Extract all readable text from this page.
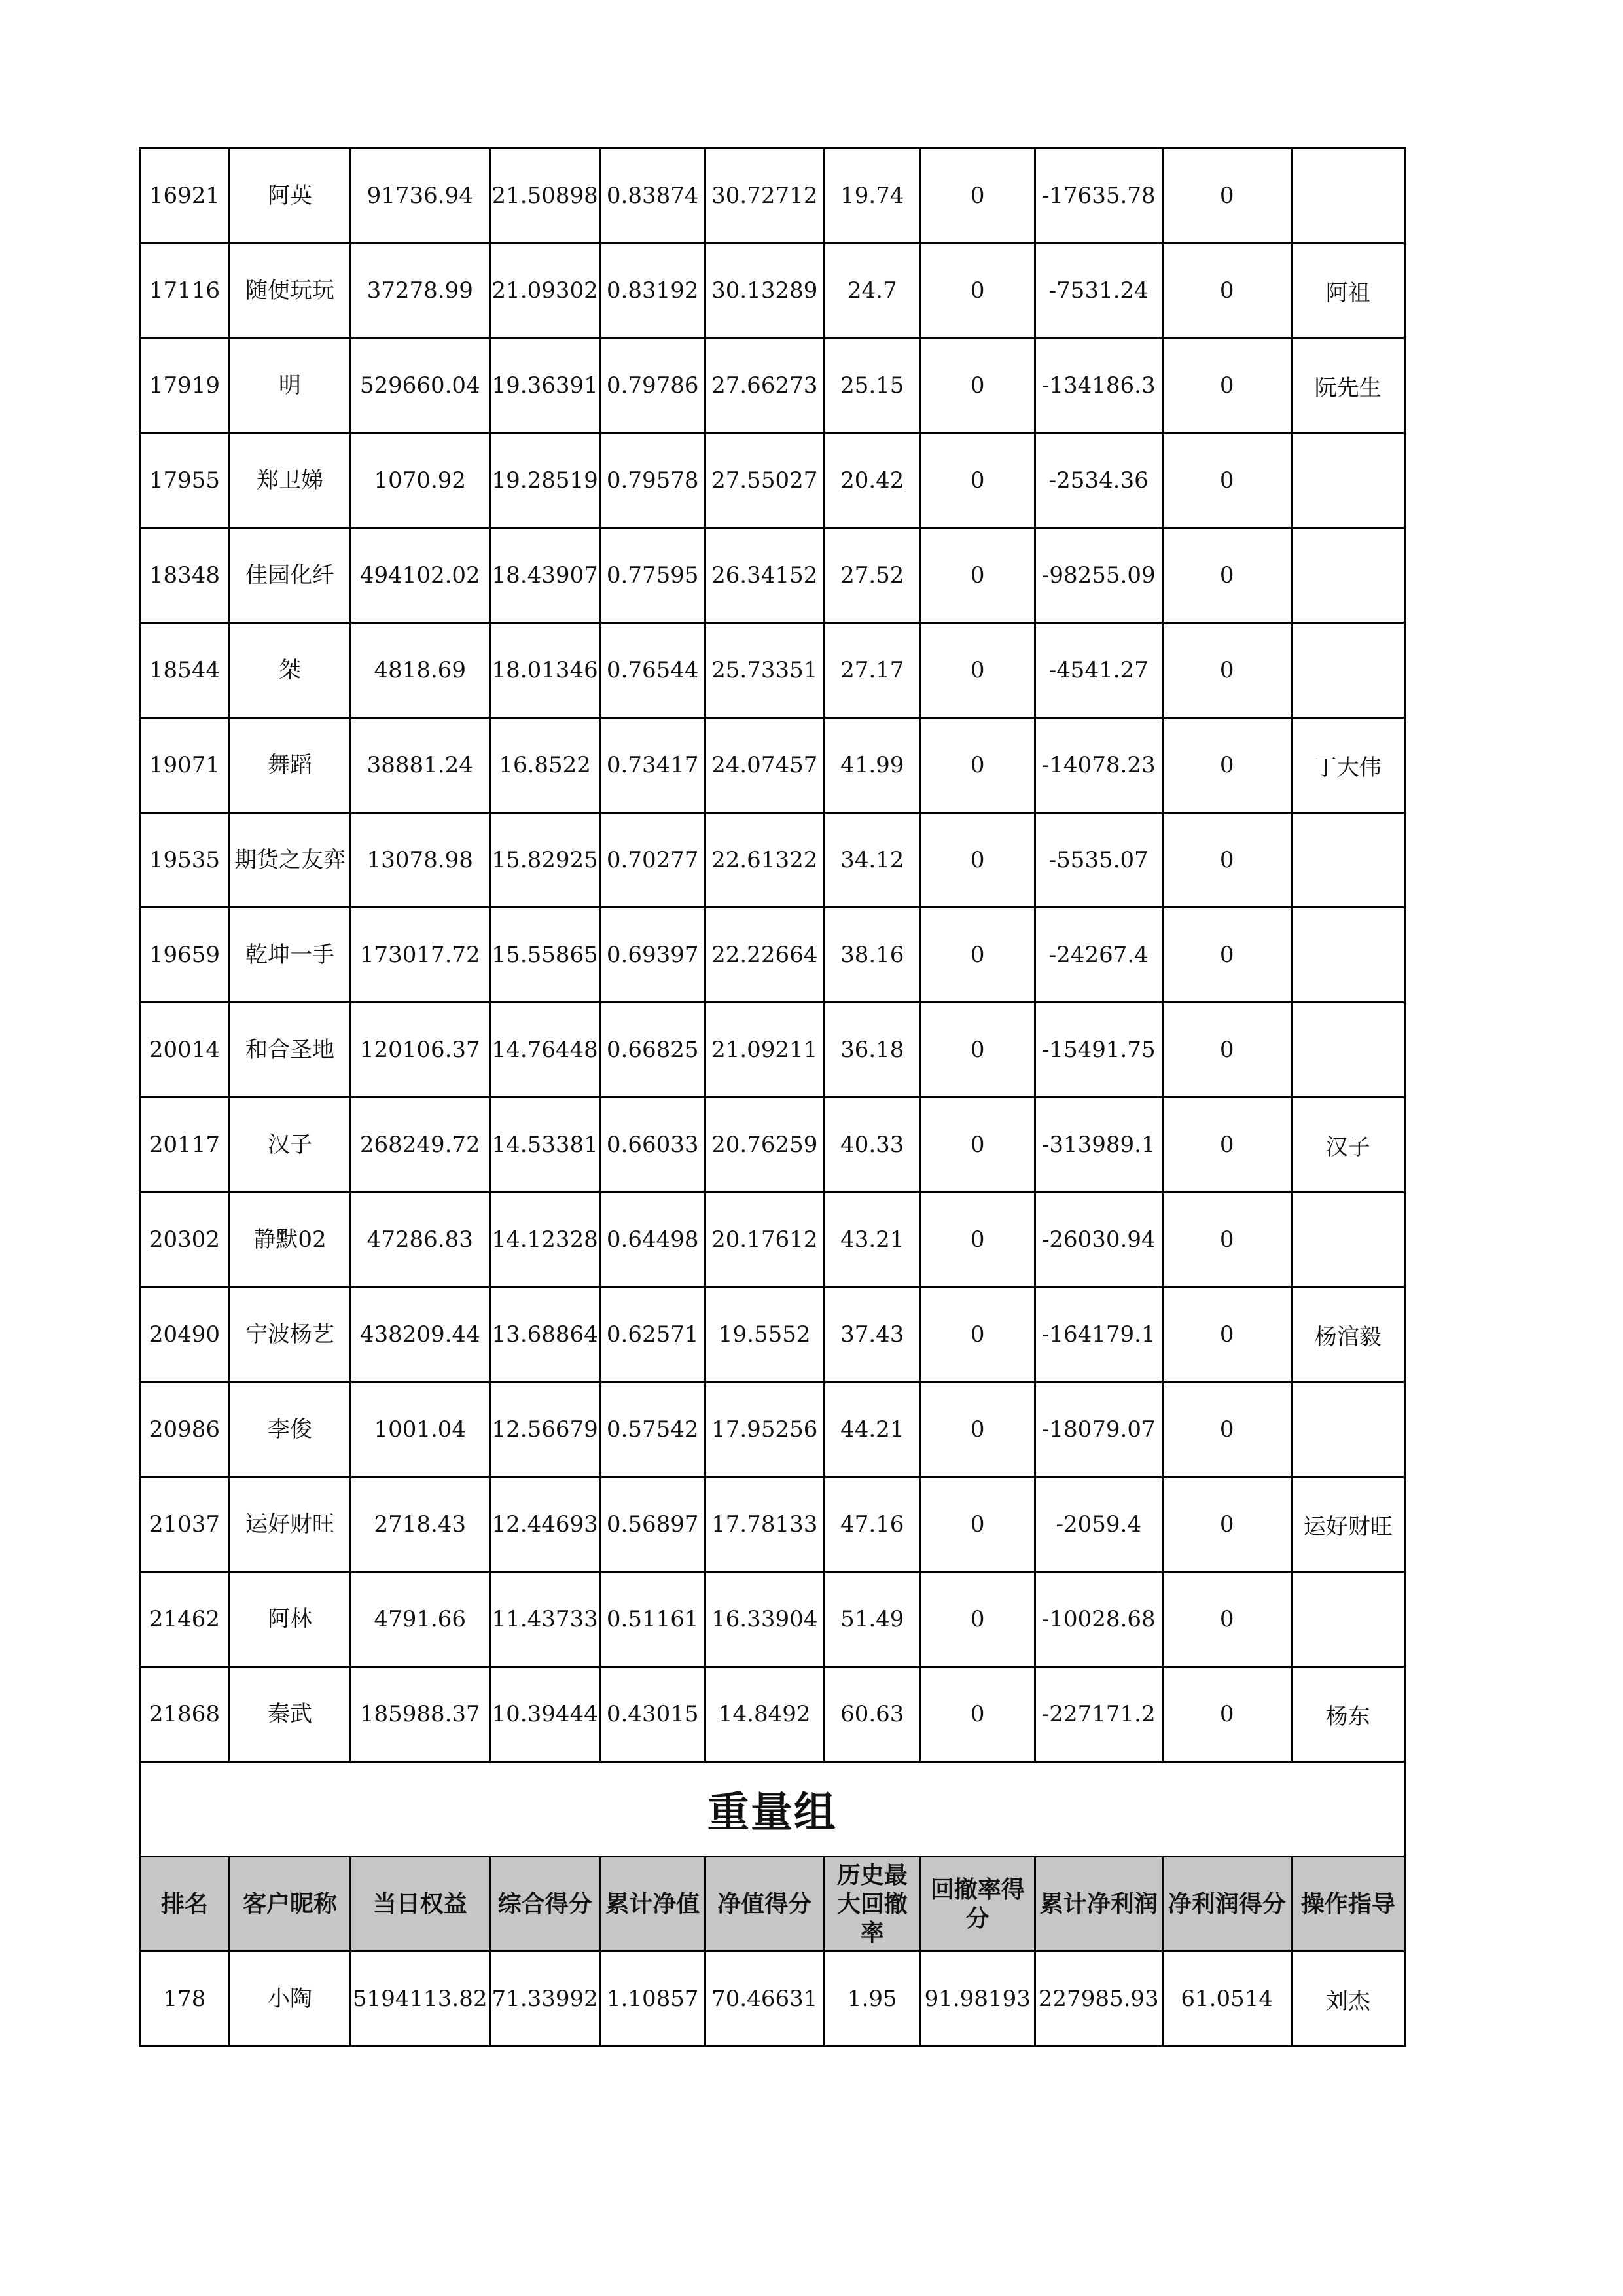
16921	阿英	91736.94	21.50898	0.83874	30.72712	19.74	0	-17635.78	0	
17116	随便玩玩	37278.99	21.09302	0.83192	30.13289	24.7	0	-7531.24	0	阿祖
17919	明	529660.04	19.36391	0.79786	27.66273	25.15	0	-134186.3	0	阮先生
17955	郑卫娣	1070.92	19.28519	0.79578	27.55027	20.42	0	-2534.36	0	
18348	佳园化纤	494102.02	18.43907	0.77595	26.34152	27.52	0	-98255.09	0	
18544	桀	4818.69	18.01346	0.76544	25.73351	27.17	0	-4541.27	0	
19071	舞蹈	38881.24	16.8522	0.73417	24.07457	41.99	0	-14078.23	0	丁大伟
19535	期货之友弈	13078.98	15.82925	0.70277	22.61322	34.12	0	-5535.07	0	
19659	乾坤一手	173017.72	15.55865	0.69397	22.22664	38.16	0	-24267.4	0	
20014	和合圣地	120106.37	14.76448	0.66825	21.09211	36.18	0	-15491.75	0	
20117	汉子	268249.72	14.53381	0.66033	20.76259	40.33	0	-313989.1	0	汉子
20302	静默02	47286.83	14.12328	0.64498	20.17612	43.21	0	-26030.94	0	
20490	宁波杨艺	438209.44	13.68864	0.62571	19.5552	37.43	0	-164179.1	0	杨涫毅
20986	李俊	1001.04	12.56679	0.57542	17.95256	44.21	0	-18079.07	0	
21037	运好财旺	2718.43	12.44693	0.56897	17.78133	47.16	0	-2059.4	0	运好财旺
21462	阿林	4791.66	11.43733	0.51161	16.33904	51.49	0	-10028.68	0	
21868	秦武	185988.37	10.39444	0.43015	14.8492	60.63	0	-227171.2	0	杨东
重量组										
排名	客户昵称	当日权益	综合得分	累计净值	净值得分	历史最大回撤率	回撤率得分	累计净利润	净利润得分	操作指导
178	小陶	5194113.82	71.33992	1.10857	70.46631	1.95	91.98193	227985.93	61.0514	刘杰
